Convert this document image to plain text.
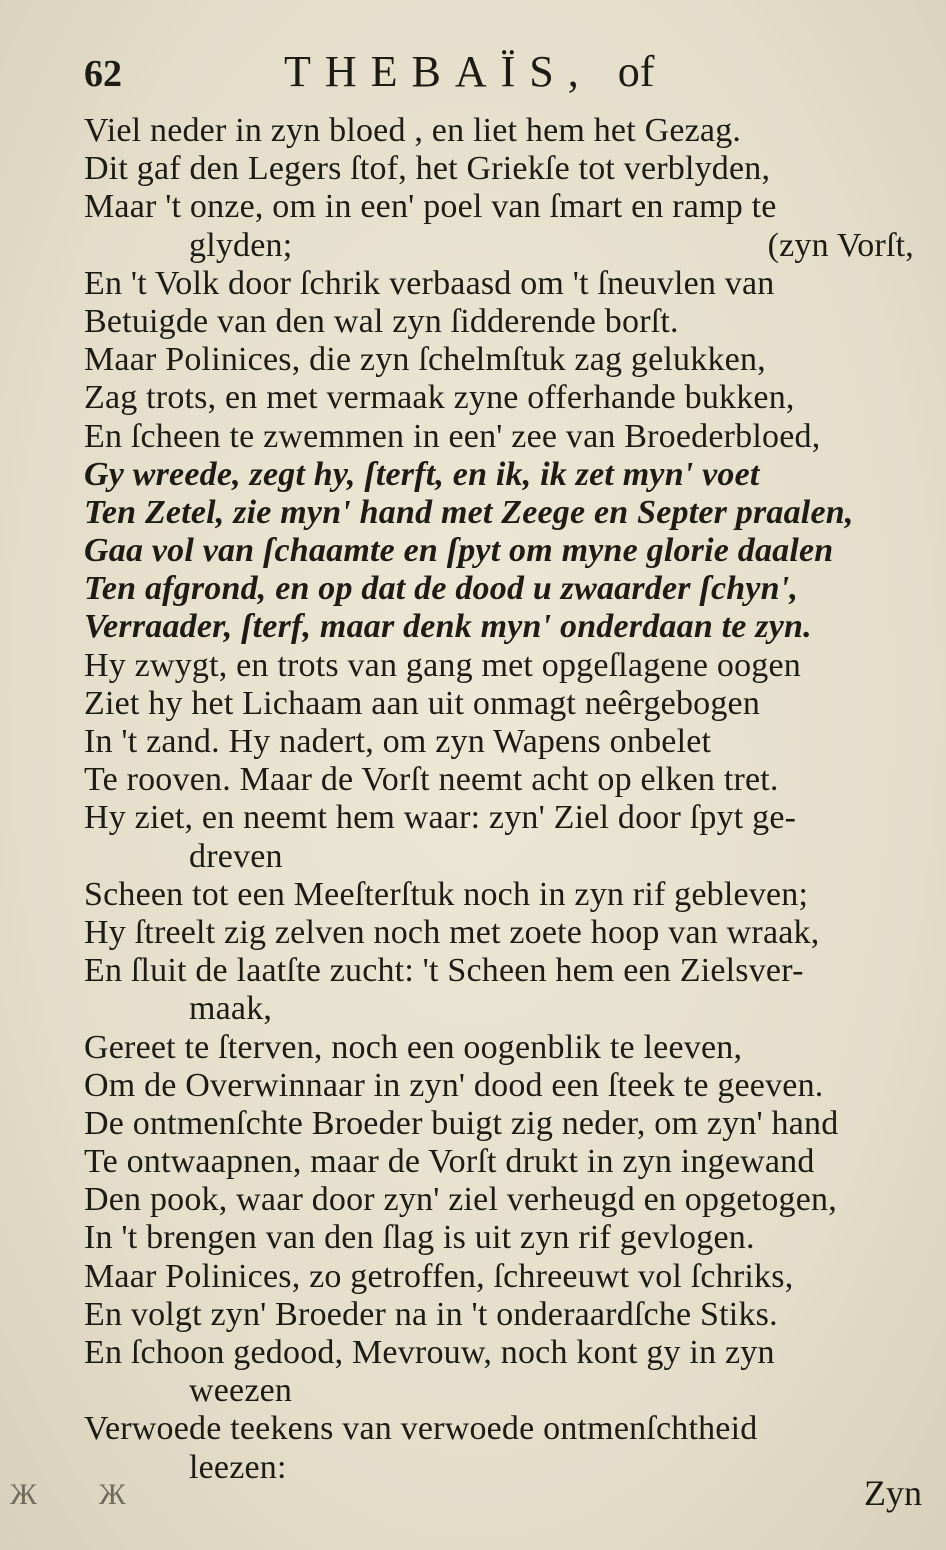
62	THEBAÏS, of
Viel neder in zyn bloed , en liet hem het Gezag.
Dit gaf den Legers ſtof, het Griekſe tot verblyden,
Maar 't onze, om in een' poel van ſmart en ramp te
glyden;	(zyn Vorſt,
En 't Volk door ſchrik verbaasd om 't ſneuvlen van
Betuigde van den wal zyn ſidderende borſt.
Maar Polinices, die zyn ſchelmſtuk zag gelukken,
Zag trots, en met vermaak zyne offerhande bukken,
En ſcheen te zwemmen in een' zee van Broederbloed,
Gy wreede, zegt hy, ſterft, en ik, ik zet myn' voet
Ten Zetel, zie myn' hand met Zeege en Septer praalen,
Gaa vol van ſchaamte en ſpyt om myne glorie daalen
Ten afgrond, en op dat de dood u zwaarder ſchyn',
Verraader, ſterf, maar denk myn' onderdaan te zyn.
Hy zwygt, en trots van gang met opgeſlagene oogen
Ziet hy het Lichaam aan uit onmagt neêrgebogen
In 't zand. Hy nadert, om zyn Wapens onbelet
Te rooven. Maar de Vorſt neemt acht op elken tret.
Hy ziet, en neemt hem waar: zyn' Ziel door ſpyt ge-
dreven
Scheen tot een Meeſterſtuk noch in zyn rif gebleven;
Hy ſtreelt zig zelven noch met zoete hoop van wraak,
En ſluit de laatſte zucht: 't Scheen hem een Zielsver-
maak,
Gereet te ſterven, noch een oogenblik te leeven,
Om de Overwinnaar in zyn' dood een ſteek te geeven.
De ontmenſchte Broeder buigt zig neder, om zyn' hand
Te ontwaapnen, maar de Vorſt drukt in zyn ingewand
Den pook, waar door zyn' ziel verheugd en opgetogen,
In 't brengen van den ſlag is uit zyn rif gevlogen.
Maar Polinices, zo getroffen, ſchreeuwt vol ſchriks,
En volgt zyn' Broeder na in 't onderaardſche Stiks.
En ſchoon gedood, Mevrouw, noch kont gy in zyn
weezen
Verwoede teekens van verwoede ontmenſchtheid
leezen:
ЖЖ	Zyn
